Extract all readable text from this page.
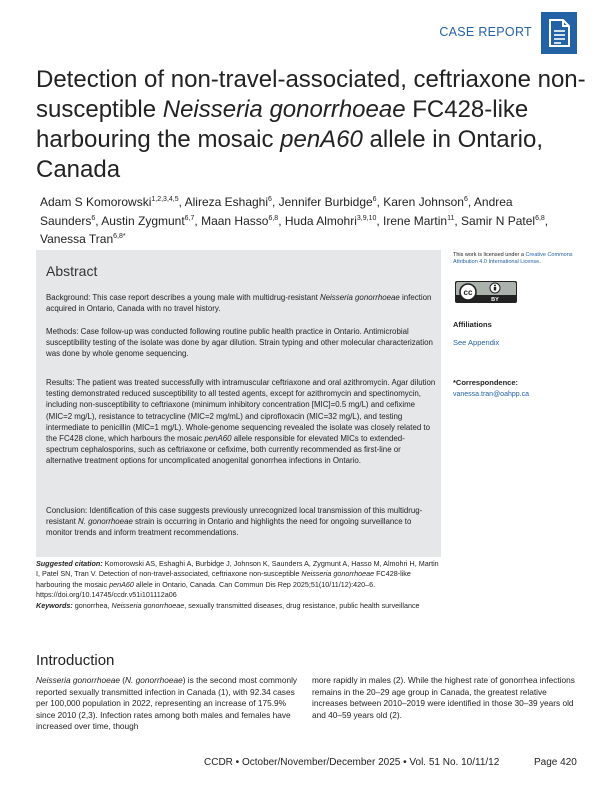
CASE REPORT
Detection of non-travel-associated, ceftriaxone non-susceptible Neisseria gonorrhoeae FC428-like harbouring the mosaic penA60 allele in Ontario, Canada
Adam S Komorowski$^{1,2,3,4,5}$, Alireza Eshaghi$^6$, Jennifer Burbidge$^6$, Karen Johnson$^6$, Andrea Saunders$^6$, Austin Zygmunt$^{6,7}$, Maan Hasso$^{6,8}$, Huda Almohri$^{3,9,10}$, Irene Martin$^{11}$, Samir N Patel$^{6,8}$, Vanessa Tran$^{6,8*}$
Abstract
Background: This case report describes a young male with multidrug-resistant Neisseria gonorrhoeae infection acquired in Ontario, Canada with no travel history.
Methods: Case follow-up was conducted following routine public health practice in Ontario. Antimicrobial susceptibility testing of the isolate was done by agar dilution. Strain typing and other molecular characterization was done by whole genome sequencing.
Results: The patient was treated successfully with intramuscular ceftriaxone and oral azithromycin. Agar dilution testing demonstrated reduced susceptibility to all tested agents, except for azithromycin and spectinomycin, including non-susceptibility to ceftriaxone (minimum inhibitory concentration [MIC]=0.5 mg/L) and cefixime (MIC=2 mg/L), resistance to tetracycline (MIC=2 mg/mL) and ciprofloxacin (MIC=32 mg/L), and testing intermediate to penicillin (MIC=1 mg/L). Whole-genome sequencing revealed the isolate was closely related to the FC428 clone, which harbours the mosaic penA60 allele responsible for elevated MICs to extended-spectrum cephalosporins, such as ceftriaxone or cefixime, both currently recommended as first-line or alternative treatment options for uncomplicated anogenital gonorrhea infections in Ontario.
Conclusion: Identification of this case suggests previously unrecognized local transmission of this multidrug-resistant N. gonorrhoeae strain is occurring in Ontario and highlights the need for ongoing surveillance to monitor trends and inform treatment recommendations.
Suggested citation: Komorowski AS, Eshaghi A, Burbidge J, Johnson K, Saunders A, Zygmunt A, Hasso M, Almohri H, Martin I, Patel SN, Tran V. Detection of non-travel-associated, ceftriaxone non-susceptible Neisseria gonorrhoeae FC428-like harbouring the mosaic penA60 allele in Ontario, Canada. Can Commun Dis Rep 2025;51(10/11/12):420–6. https://doi.org/10.14745/ccdr.v51i101112a06
Keywords: gonorrhea, Neisseria gonorrhoeae, sexually transmitted diseases, drug resistance, public health surveillance
This work is licensed under a Creative Commons Attribution 4.0 International License.
cc
BY
Affiliations
See Appendix
*Correspondence:
vanessa.tran@oahpp.ca
Introduction
Neisseria gonorrhoeae (N. gonorrhoeae) is the second most commonly reported sexually transmitted infection in Canada (1), with 92.34 cases per 100,000 population in 2022, representing an increase of 175.9% since 2010 (2,3). Infection rates among both males and females have increased over time, though
more rapidly in males (2). While the highest rate of gonorrhea infections remains in the 20–29 age group in Canada, the greatest relative increases between 2010–2019 were identified in those 30–39 years old and 40–59 years old (2).
CCDR • October/November/December 2025 • Vol. 51 No. 10/11/12	Page 420
